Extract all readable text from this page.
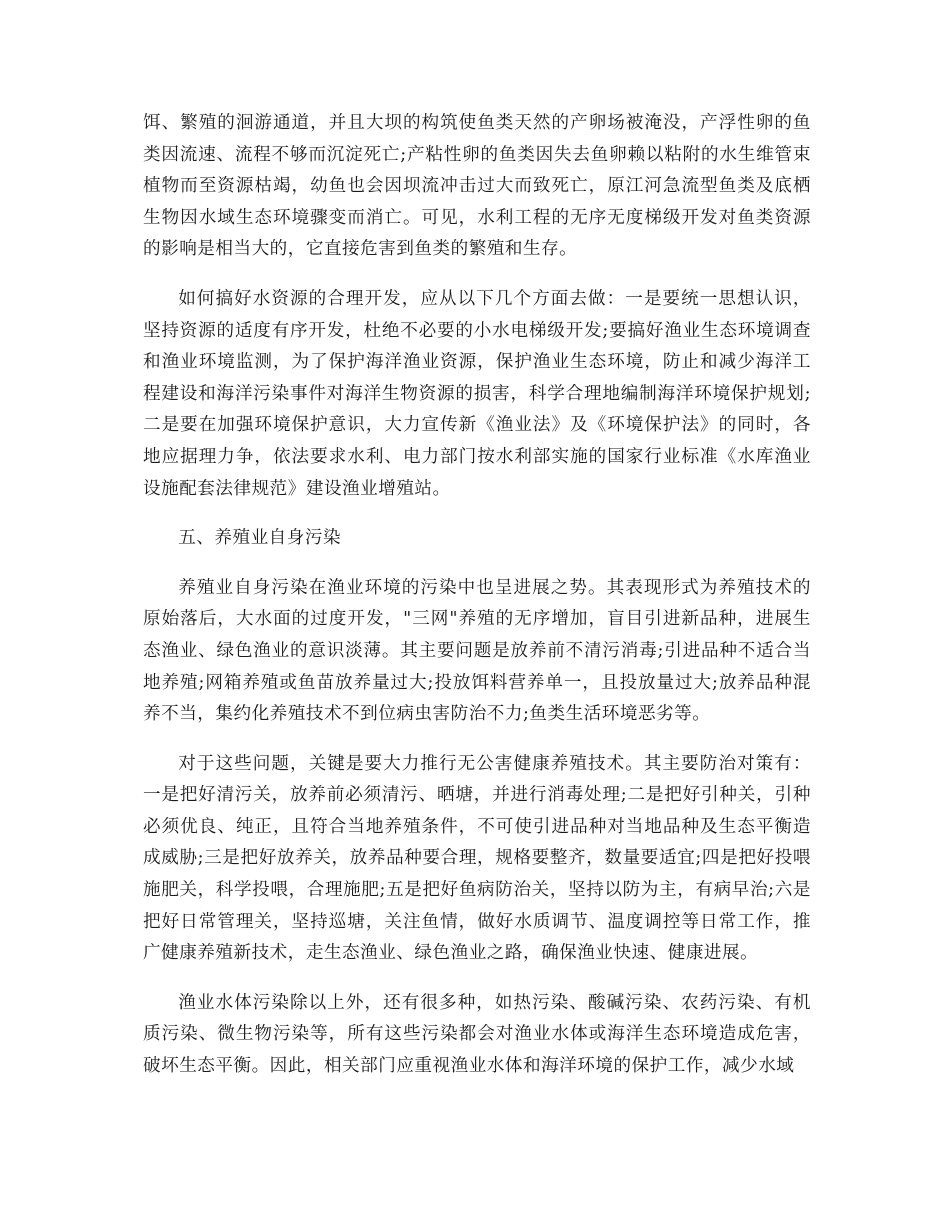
饵、繁殖的洄游通道，并且大坝的构筑使鱼类天然的产卵场被淹没，产浮性卵的鱼类因流速、流程不够而沉淀死亡;产粘性卵的鱼类因失去鱼卵赖以粘附的水生维管束植物而至资源枯竭，幼鱼也会因坝流冲击过大而致死亡，原江河急流型鱼类及底栖生物因水域生态环境骤变而消亡。可见，水利工程的无序无度梯级开发对鱼类资源的影响是相当大的，它直接危害到鱼类的繁殖和生存。

如何搞好水资源的合理开发，应从以下几个方面去做：一是要统一思想认识，坚持资源的适度有序开发，杜绝不必要的小水电梯级开发;要搞好渔业生态环境调查和渔业环境监测，为了保护海洋渔业资源，保护渔业生态环境，防止和减少海洋工程建设和海洋污染事件对海洋生物资源的损害，科学合理地编制海洋环境保护规划;二是要在加强环境保护意识，大力宣传新《渔业法》及《环境保护法》的同时，各地应据理力争，依法要求水利、电力部门按水利部实施的国家行业标准《水库渔业设施配套法律规范》建设渔业增殖站。

五、养殖业自身污染

养殖业自身污染在渔业环境的污染中也呈进展之势。其表现形式为养殖技术的原始落后，大水面的过度开发，"三网"养殖的无序增加，盲目引进新品种，进展生态渔业、绿色渔业的意识淡薄。其主要问题是放养前不清污消毒;引进品种不适合当地养殖;网箱养殖或鱼苗放养量过大;投放饵料营养单一，且投放量过大;放养品种混养不当，集约化养殖技术不到位病虫害防治不力;鱼类生活环境恶劣等。

对于这些问题，关键是要大力推行无公害健康养殖技术。其主要防治对策有：一是把好清污关，放养前必须清污、晒塘，并进行消毒处理;二是把好引种关，引种必须优良、纯正，且符合当地养殖条件，不可使引进品种对当地品种及生态平衡造成威胁;三是把好放养关，放养品种要合理，规格要整齐，数量要适宜;四是把好投喂施肥关，科学投喂，合理施肥;五是把好鱼病防治关，坚持以防为主，有病早治;六是把好日常管理关，坚持巡塘，关注鱼情，做好水质调节、温度调控等日常工作，推广健康养殖新技术，走生态渔业、绿色渔业之路，确保渔业快速、健康进展。

渔业水体污染除以上外，还有很多种，如热污染、酸碱污染、农药污染、有机质污染、微生物污染等，所有这些污染都会对渔业水体或海洋生态环境造成危害，破坏生态平衡。因此，相关部门应重视渔业水体和海洋环境的保护工作，减少水域
